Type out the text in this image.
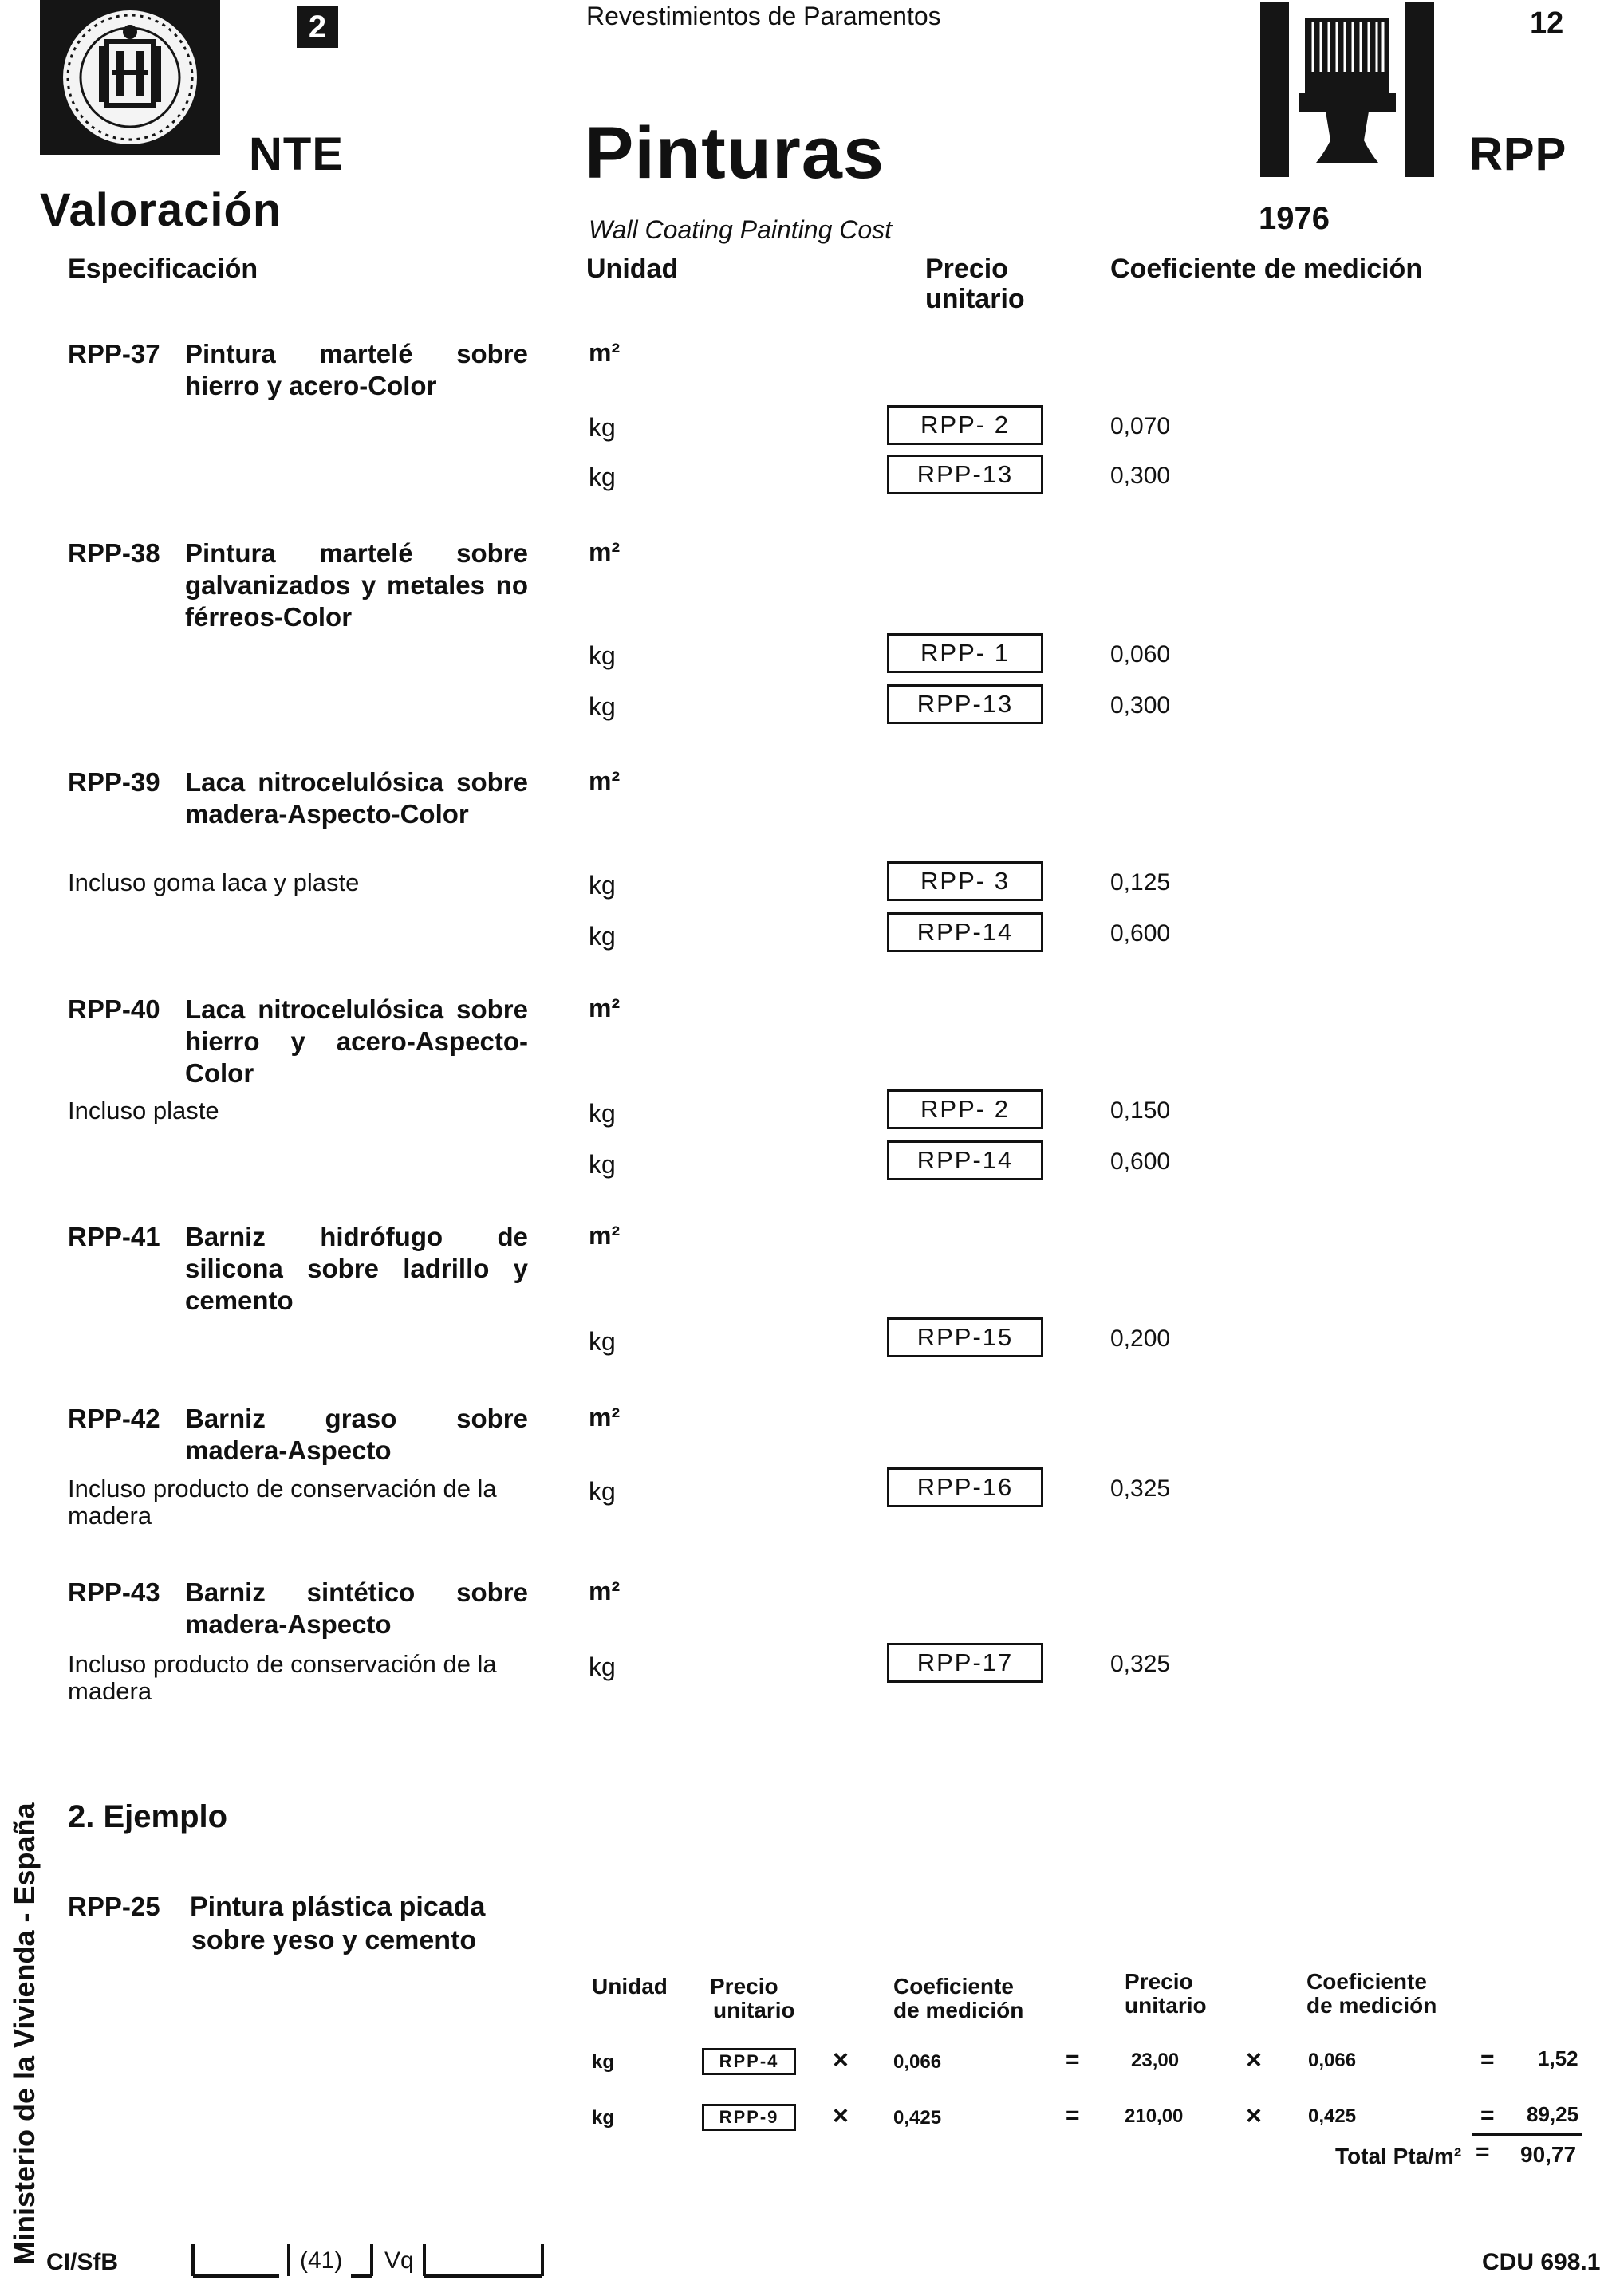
2
NTE
Valoración
Revestimientos de Paramentos
Pinturas
Wall Coating Painting Cost
12
RPP
1976
Especificación	Unidad	Precio
unitario
Coeficiente de medición
RPP-37 Pintura martelé sobre hierro y acero-Color
m²
kg	RPP- 2	0,070
kg	RPP-13	0,300
RPP-38 Pintura martelé sobre galvanizados y metales no férreos-Color
m²
kg	RPP- 1	0,060
kg	RPP-13	0,300
RPP-39 Laca nitrocelulósica sobre madera-Aspecto-Color
m²
Incluso goma laca y plaste	kg	RPP- 3	0,125
kg	RPP-14	0,600
RPP-40 Laca nitrocelulósica sobre hierro y acero-Aspecto-Color
m²
Incluso plaste	kg	RPP- 2	0,150
kg	RPP-14	0,600
RPP-41 Barniz hidrófugo de silicona sobre ladrillo y cemento
m²
kg	RPP-15	0,200
RPP-42 Barniz graso sobre madera-Aspecto
m²
Incluso producto de conservación de la madera
kg	RPP-16	0,325
RPP-43 Barniz sintético sobre madera-Aspecto
m²
Incluso producto de conservación de la madera
kg	RPP-17	0,325
Ministerio de la Vivienda - España 2. Ejemplo
RPP-25 Pintura plástica picada
sobre yeso y cemento
Unidad Precio
unitario
Coeficiente
de medición
Precio
unitario
Coeficiente
de medición
kg	RPP-4	× 0,066	=	23,00 × 0,066	= 1,52
kg	RPP-9	× 0,425	= 210,00 × 0,425	= 89,25
Total Pta/m² = 90,77
CI/SfB	(41) Vq	CDU 698.1
